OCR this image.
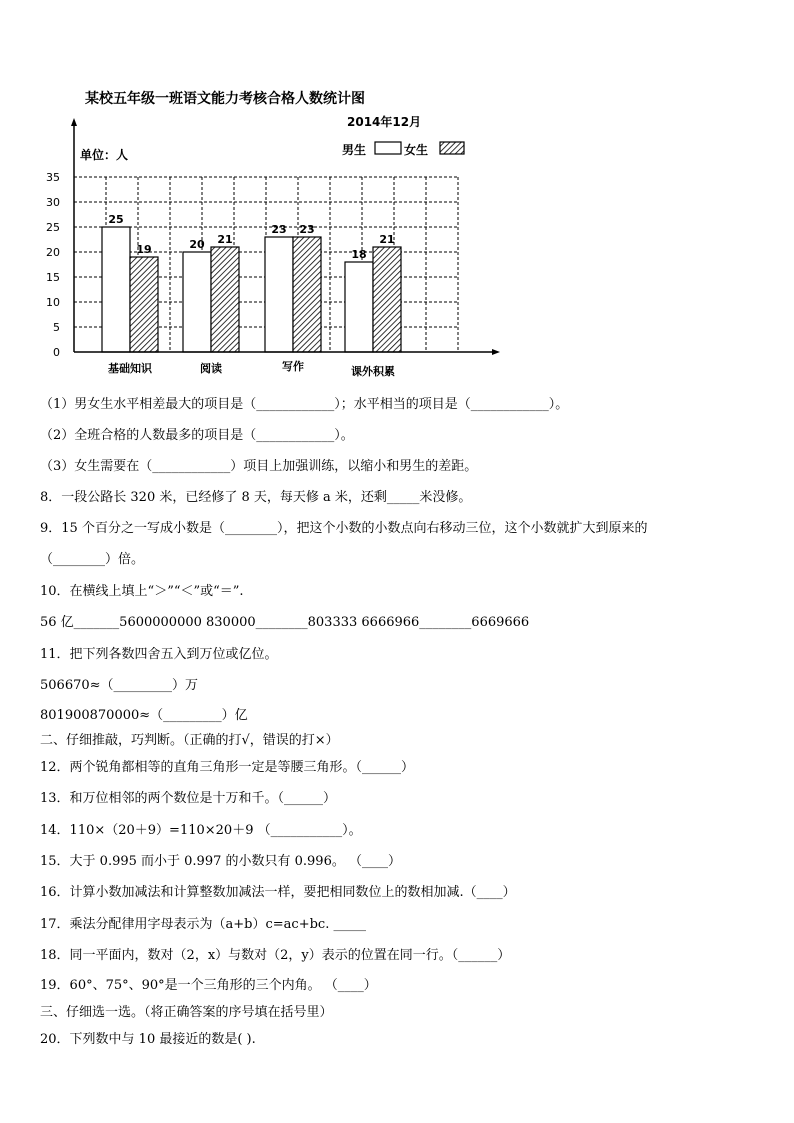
某校五年级一班语文能力考核合格人数统计图
2014年12月
单位：人
25
19	20 21
23 23
18
21
0
5
10
15
20
25
30
35
基础知识	阅读	写作	课外积累
男生	女生
（1）男女生水平相差最大的项目是（____________）；水平相当的项目是（____________）。
（2）全班合格的人数最多的项目是（____________）。
（3）女生需要在（____________）项目上加强训练，以缩小和男生的差距。
8．一段公路长 320 米，已经修了 8 天，每天修 a 米，还剩_____米没修。
9．15 个百分之一写成小数是（________），把这个小数的小数点向右移动三位，这个小数就扩大到原来的
（________）倍。
10．在横线上填上“＞”“＜”或“＝”.
56 亿_______5600000000 830000________803333 6666966________6669666
11．把下列各数四舍五入到万位或亿位。
506670≈（_________）万
801900870000≈（_________）亿
二、仔细推敲，巧判断。（正确的打√，错误的打×）
12．两个锐角都相等的直角三角形一定是等腰三角形。（______）
13．和万位相邻的两个数位是十万和千。（______）
14．110×（20＋9）=110×20＋9 （___________）。
15．大于 0.995 而小于 0.997 的小数只有 0.996。 （____）
16．计算小数加减法和计算整数加减法一样，要把相同数位上的数相加减.（____）
17．乘法分配律用字母表示为（a+b）c=ac+bc. _____
18．同一平面内，数对（2，x）与数对（2，y）表示的位置在同一行。（______）
19．60°、75°、90°是一个三角形的三个内角。 （____）
三、仔细选一选。（将正确答案的序号填在括号里）
20．下列数中与 10 最接近的数是( ).
